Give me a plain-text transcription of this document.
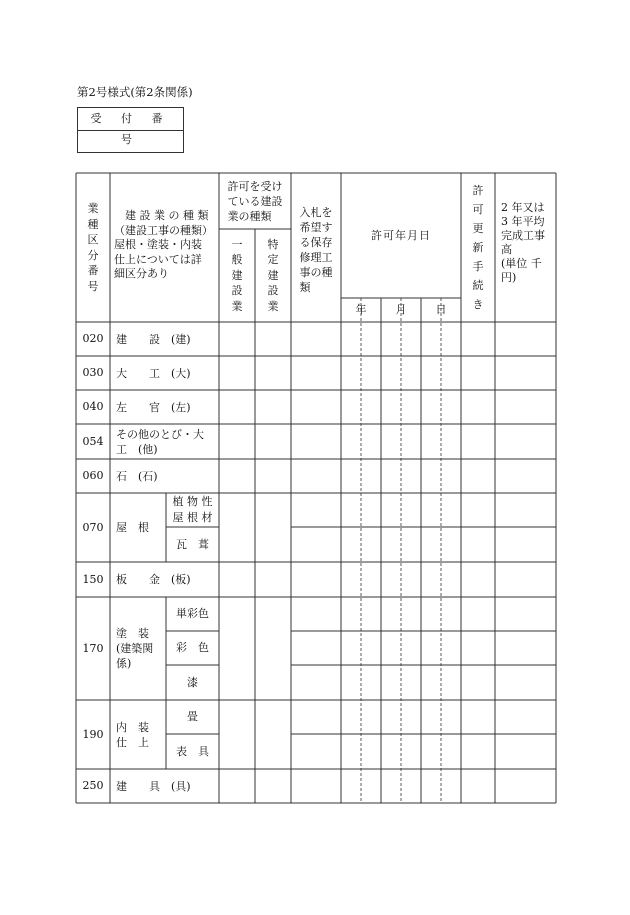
第2号様式(第2条関係)
受 付 番 号
業
種
区
分
番
号
　建 設 業 の 種 類
（建設工事の種類）
屋根・塗装・内装
仕上については詳
細区分あり
許可を受け
ている建設
業の種類
一
般
建
設
業
特
定
建
設
業
入札を
希望す
る保存
修理工
事の種
類
許可年月日
年	月	日
許
可
更
新
手
続
き
2 年又は
3 年平均
完成工事
高
(単位 千
円)
020 建　　設　(建)
030 大　　工　(大)
040 左　　官　(左)
054
その他のとび・大
工　(他)
060 石　(石)
070 屋　根
植 物 性
屋 根 材
瓦　葺
150 板　　金　(板)
170
塗　装
(建築関
係)
単彩色
彩　色
漆
190
内　装
仕　上
畳
表　具
250 建　　具　(具)
